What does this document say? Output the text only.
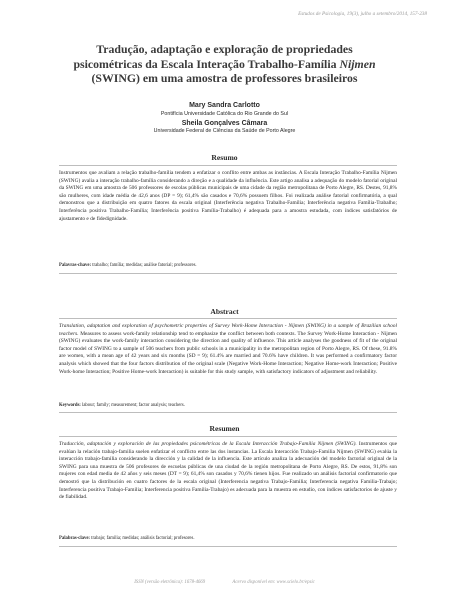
Estudos de Psicologia, 19(3), julho a setembro/2014, 157-238
Tradução, adaptação e exploração de propriedades
psicométricas da Escala Interação Trabalho-Família Nijmen
(SWING) em uma amostra de professores brasileiros
Mary Sandra Carlotto
Pontifícia Universidade Católica do Rio Grande do Sul
Sheila Gonçalves Câmara
Universidade Federal de Ciências da Saúde de Porto Alegre
Resumo
Instrumentos que avaliam a relação trabalho-família tendem a enfatizar o conflito entre ambas as instâncias. A Escala Interação Trabalho-Família Nijmen (SWING) avalia a interação trabalho-família considerando a direção e a qualidade da influência. Este artigo analisa a adequação do modelo fatorial original da SWING em uma amostra de 506 professores de escolas públicas municipais de uma cidade da região metropolitana de Porto Alegre, RS. Destes, 91,8% são mulheres, com idade média de 42,6 anos (DP = 9); 61,4% são casados e 70,6% possuem filhos. Foi realizada análise fatorial confirmatória, a qual demonstrou que a distribuição em quatro fatores da escala original (Interferência negativa Trabalho-Família; Interferência negativa Família-Trabalho; Interferência positiva Trabalho-Família; Interferência positiva Família-Trabalho) é adequada para a amostra estudada, com índices satisfatórios de ajustamento e de fidedignidade.
Palavras-chave: trabalho; família; medidas; análise fatorial; professores.
Abstract
Translation, adaptation and exploration of psychometric properties of Survey Work-Home Interaction - Nijmen (SWING) in a sample of Brazilian school teachers. Measures to assess work-family relationship tend to emphasize the conflict between both contexts. The Survey Work-Home Interaction - Nijmen (SWING) evaluates the work-family interaction considering the direction and quality of influence. This article analyses the goodness of fit of the original factor model of SWING to a sample of 506 teachers from public schools in a municipality in the metropolitan region of Porto Alegre, RS. Of these, 91.8% are women, with a mean age of 42 years and six months (SD = 9); 61.4% are married and 70.6% have children. It was performed a confirmatory factor analysis which showed that the four factors distribution of the original scale (Negative Work-Home Interaction; Negative Home-work Interaction; Positive Work-home Interaction; Positive Home-work Interaction) is suitable for this study sample, with satisfactory indicators of adjustment and reliability.
Keywords: labour; family; measurement; factor analysis; teachers.
Resumen
Traducción, adaptación y exploración de las propiedades psicométricas de la Escala Interacción Trabajo-Familia Nijmen (SWING). Instrumentos que evalúan la relación trabajo-familia suelen enfatizar el conflicto entre las dos instancias. La Escala Interacción Trabajo-Familia Nijmen (SWING) evalúa la interacción trabajo-familia considerando la dirección y la calidad de la influencia. Este artículo analiza la adecuación del modelo factorial original de la SWING para una muestra de 506 profesores de escuelas públicas de una ciudad de la región metropolitana de Porto Alegre, RS. De estos, 91,8% son mujeres con edad media de 42 años y seis meses (DT = 9); 61,4% son casados y 70,6% tienen hijos. Fue realizado un análisis factorial confirmatorio que demostró que la distribución en cuatro factores de la escala original (Interferencia negativa Trabajo-Familia; Interferencia negativa Familia-Trabajo; Interferencia positiva Trabajo-Familia; Interferencia positiva Familia-Trabajo) es adecuada para la muestra en estudio, con índices satisfactorios de ajuste y de fiabilidad.
Palabras-clave: trabajo; familia; medidas; análisis factorial; profesores.
ISSN (versão eletrônica): 1678-4669	Acervo disponível em: www.scielo.br/epsic
